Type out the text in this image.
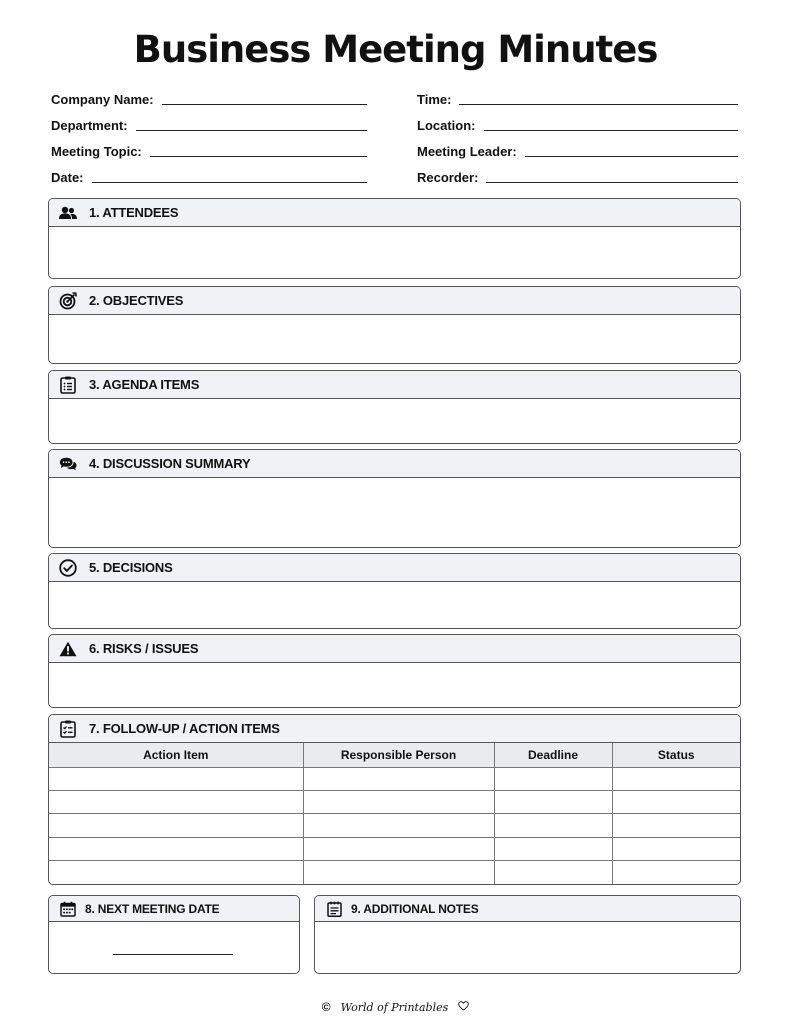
Business Meeting Minutes
Company Name:
Department:
Meeting Topic:
Date:
Time:
Location:
Meeting Leader:
Recorder:
1. ATTENDEES
2. OBJECTIVES
3. AGENDA ITEMS
4. DISCUSSION SUMMARY
5. DECISIONS
6. RISKS / ISSUES
7. FOLLOW-UP / ACTION ITEMS
Action Item	Responsible Person	Deadline	Status

8. NEXT MEETING DATE	9. ADDITIONAL NOTES
© World of Printables
